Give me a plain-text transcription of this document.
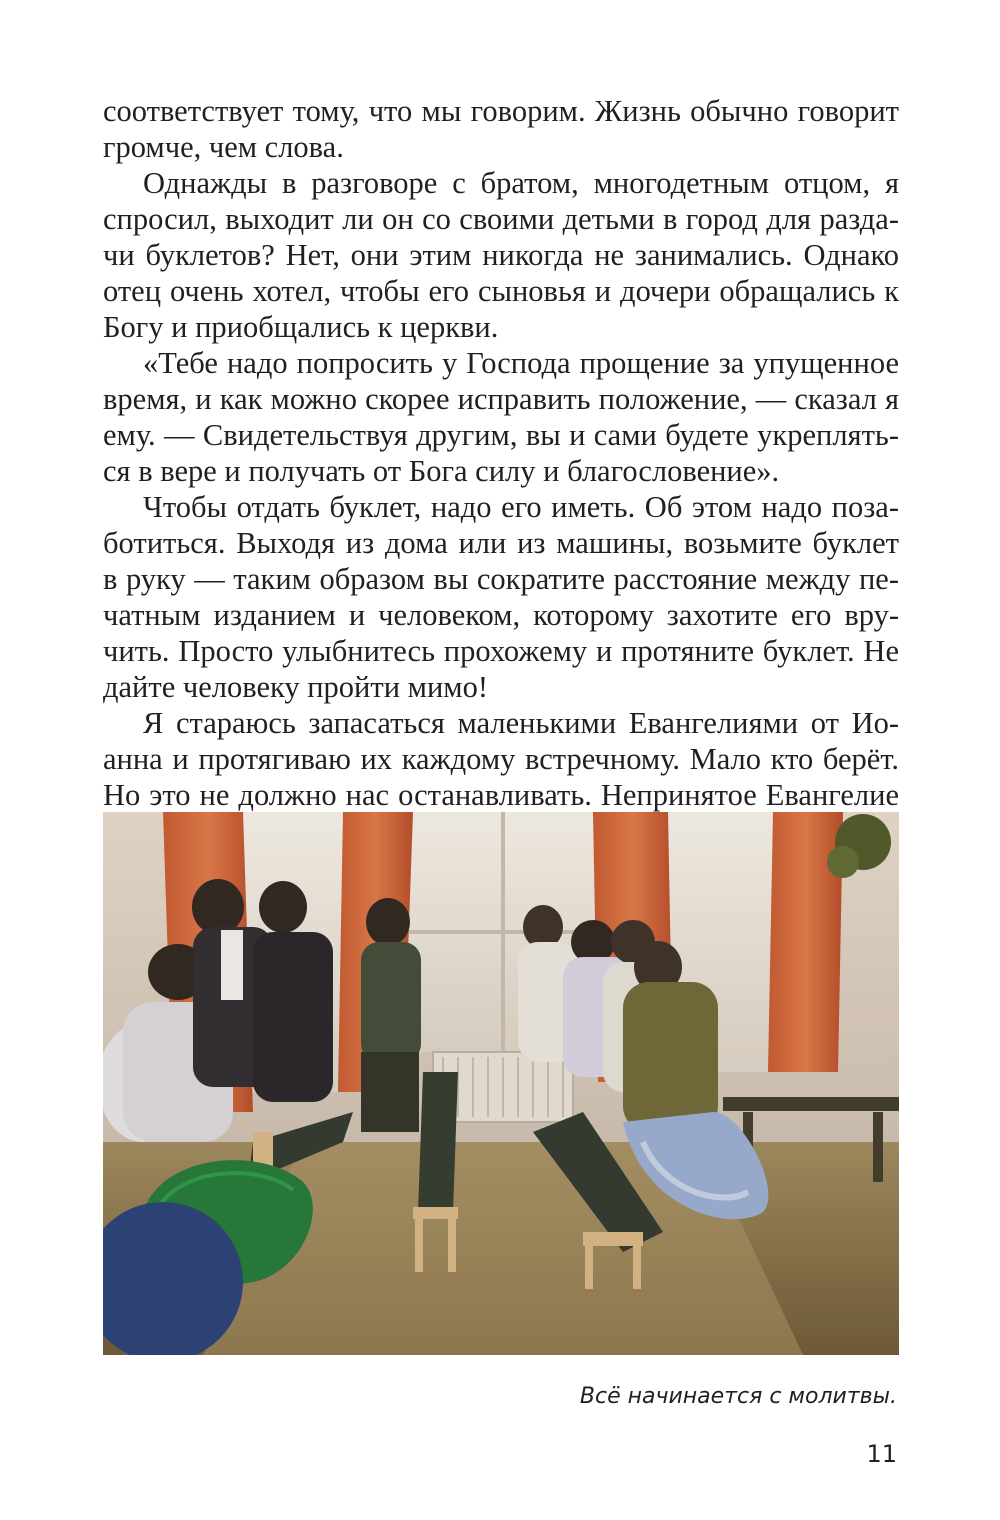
соответствует тому, что мы говорим. Жизнь обычно говорит
громче, чем слова.

Однажды в разговоре с братом, многодетным отцом, я
спросил, выходит ли он со своими детьми в город для разда-
чи буклетов? Нет, они этим никогда не занимались. Однако
отец очень хотел, чтобы его сыновья и дочери обращались к
Богу и приобщались к церкви.

«Тебе надо попросить у Господа прощение за упущенное
время, и как можно скорее исправить положение, — сказал я
ему. — Свидетельствуя другим, вы и сами будете укреплять-
ся в вере и получать от Бога силу и благословение».

Чтобы отдать буклет, надо его иметь. Об этом надо поза-
ботиться. Выходя из дома или из машины, возьмите буклет
в руку — таким образом вы сократите расстояние между пе-
чатным изданием и человеком, которому захотите его вру-
чить. Просто улыбнитесь прохожему и протяните буклет. Не
дайте человеку пройти мимо!

Я стараюсь запасаться маленькими Евангелиями от Ио-
анна и протягиваю их каждому встречному. Мало кто берёт.
Но это не должно нас останавливать. Непринятое Евангелие

Всё начинается с молитвы.
11
